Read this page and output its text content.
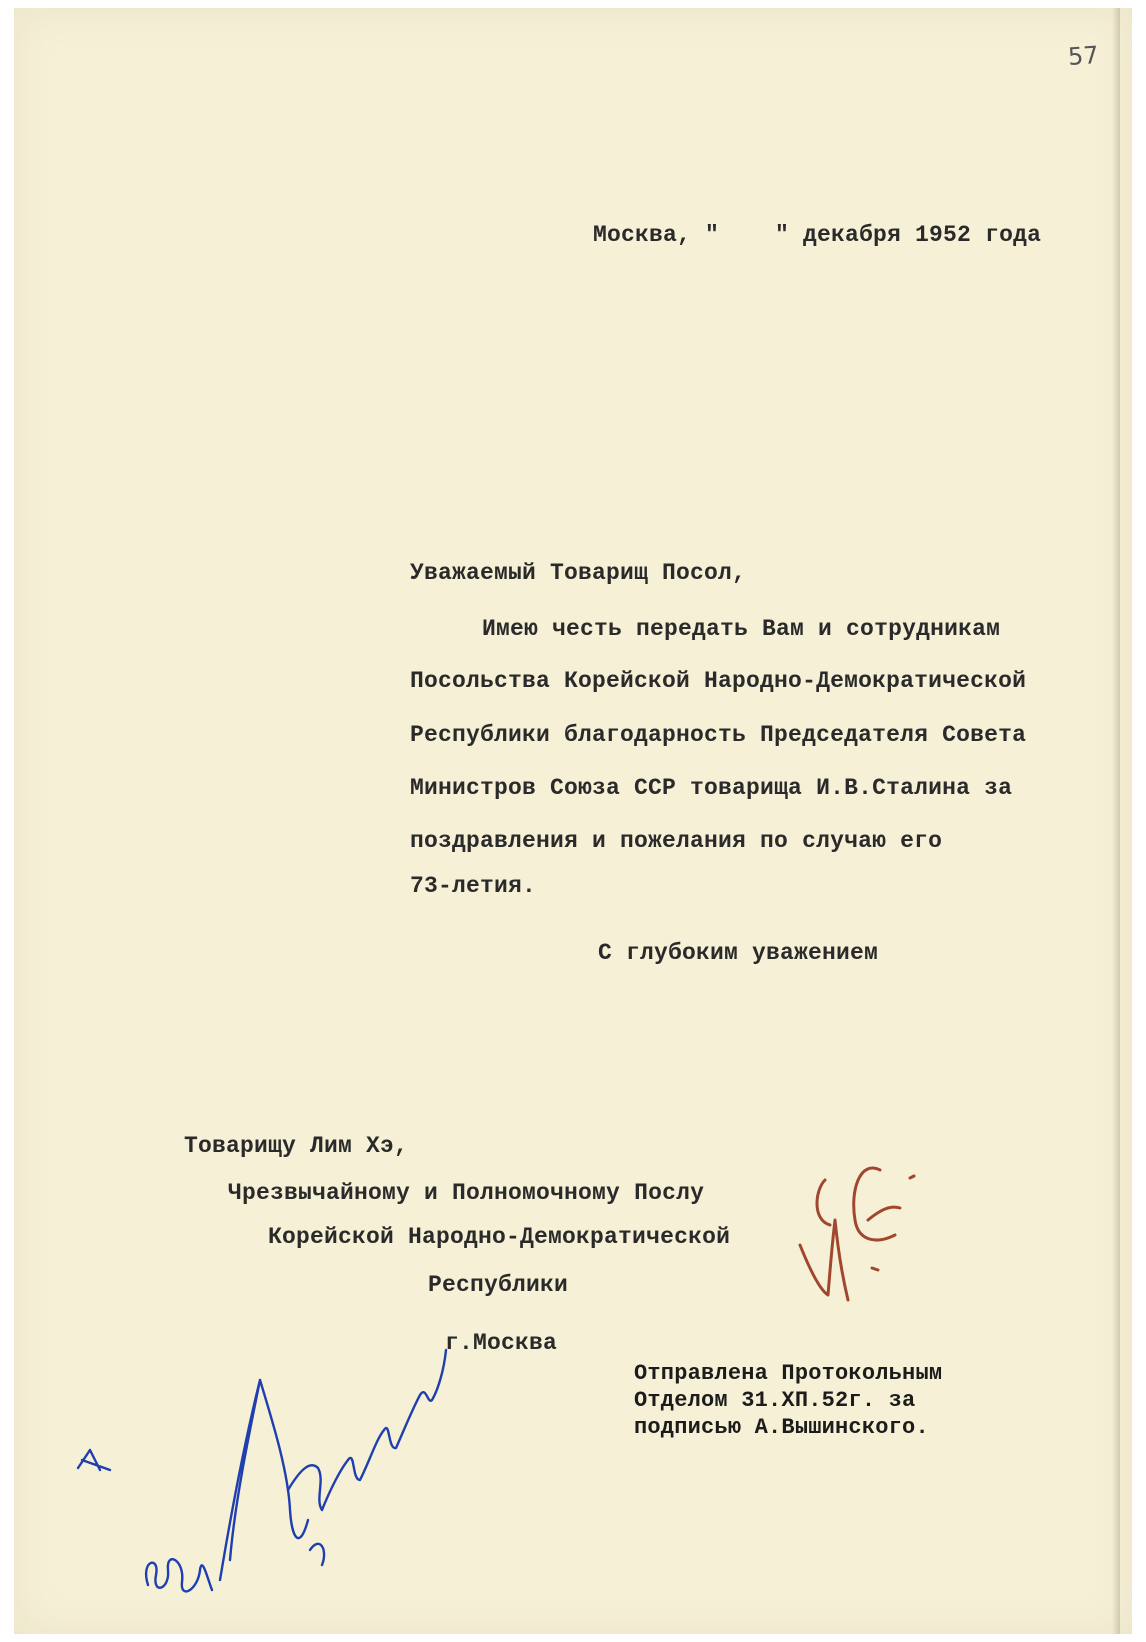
57
Москва, "    " декабря 1952 года
Уважаемый Товарищ Посол,
Имею честь передать Вам и сотрудникам
Посольства Корейской Народно-Демократической
Республики благодарность Председателя Совета
Министров Союза ССР товарища И.В.Сталина за
поздравления и пожелания по случаю его
73-летия.
С глубоким уважением
Товарищу Лим Хэ,
Чрезвычайному и Полномочному Послу
Корейской Народно-Демократической
Республики
г.Москва
Отправлена Протокольным
Отделом 31.XП.52г. за
подписью А.Вышинского.
